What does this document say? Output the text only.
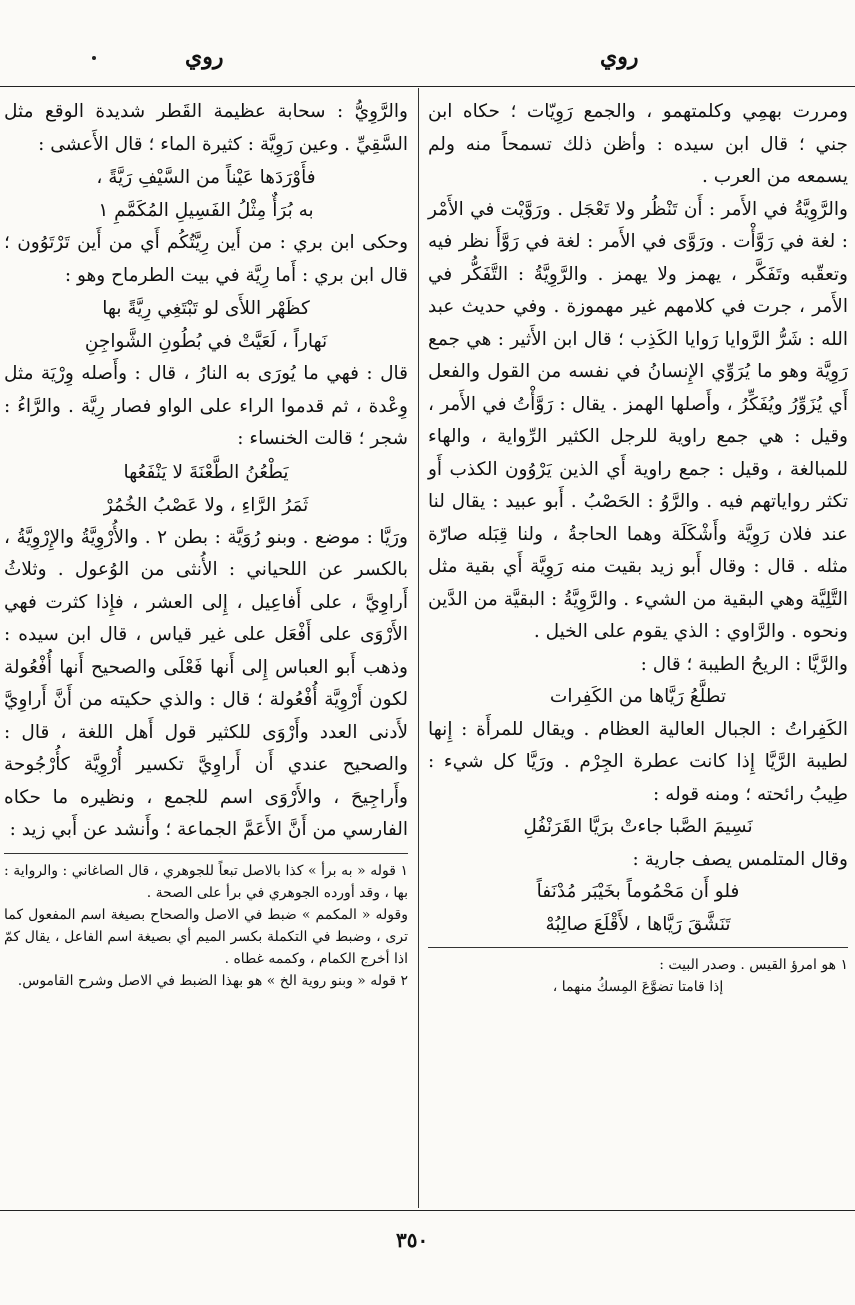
روي	روي

ومررت بهمِي وكلمتهمو ، والجمع رَوِيّات ؛ حكاه ابن جني ؛ قال ابن سيده : وأظن ذلك تسمحاً منه ولم يسمعه من العرب .

والرَّوِيَّةُ في الأَمر : أَن تَنْظُر ولا تَعْجَل . ورَوَّيْت في الأَمْر : لغة في رَوَّأْت . ورَوَّى في الأَمر : لغة في رَوَّأَ نظر فيه وتعقّبه وتَفَكَّر ، يهمز ولا يهمز . والرَّوِيَّةُ : التَّفَكُّر في الأَمر ، جرت في كلامهم غير مهموزة . وفي حديث عبد الله : شَرُّ الرَّوايا رَوايا الكَذِب ؛ قال ابن الأَثير : هي جمع رَوِيَّة وهو ما يُرَوِّي الإِنسانُ في نفسه من القول والفعل أَي يُزَوِّرُ ويُفَكِّرُ ، وأَصلها الهمز . يقال : رَوَّأْتُ في الأَمر ، وقيل : هي جمع راوية للرجل الكثير الرِّواية ، والهاء للمبالغة ، وقيل : جمع راوية أَي الذين يَرْوُون الكذب أَو تكثر رواياتهم فيه . والرَّوُ : الحَصْبُ . أَبو عبيد : يقال لنا عند فلان رَوِيَّة وأَشْكَلَة وهما الحاجةُ ، ولنا قِبَله صارّة مثله . قال : وقال أَبو زيد بقيت منه رَوِيَّة أَي بقية مثل التَّلِيَّة وهي البقية من الشيء . والرَّوِيَّةُ : البقيَّة من الدَّين ونحوه . والرَّاوي : الذي يقوم على الخيل .

والرَّيَّا : الريحُ الطيبة ؛ قال :

تطلَّعُ رَيَّاها من الكَفِرات

الكَفِراتُ : الجبال العالية العظام . ويقال للمرأَة : إِنها لطيبة الرَّيَّا إِذا كانت عطرة الجِرْم . ورَيَّا كل شيء : طِيبُ رائحته ؛ ومنه قوله :

نَسِيمَ الصَّبا جاءتْ برَيَّا القَرَنْفُلِ

وقال المتلمس يصف جارية :

فلو أَن مَحْمُوماً بخَيْبَر مُدْنَفاً

تَنَشَّقَ رَيَّاها ، لأَقْلَعَ صالِبُهْ

١ هو امرؤ القيس . وصدر البيت :

إذا قامتا تضوَّعَ المِسكُ منهما ،

والرَّوِيُّ : سحابة عظيمة القَطر شديدة الوقع مثل السَّقِيِّ . وعين رَوِيَّة : كثيرة الماء ؛ قال الأَعشى :

فأَوْرَدَها عَيْناً من السَّيْفِ رَيَّةً ،

به بُرَأٌ مِثْلُ الفَسِيلِ المُكَمَّمِ ١

وحكى ابن بري : من أَين رِيَّتُكُم أَي من أَين تَرْتَوُون ؛ قال ابن بري : أَما رِيَّة في بيت الطرماح وهو :

كظَهْر اللأَى لو تَبْتَغِي رِيَّةً بها

نَهاراً ، لَعَيَّتْ في بُطُونِ الشَّواجِنِ

قال : فهي ما يُورَى به النارُ ، قال : وأَصله وِرْيَة مثل وِعْدة ، ثم قدموا الراء على الواو فصار رِيَّة . والرَّاءُ : شجر ؛ قالت الخنساء :

يَطْعُنُ الطَّعْنَةَ لا يَنْفَعُها

ثَمَرُ الرَّاءِ ، ولا عَصْبُ الخُمُرْ

ورَيَّا : موضع . وبنو رُوَيَّة : بطن ٢ . والأُرْوِيَّةُ والإِرْوِيَّةُ ، بالكسر عن اللحياني : الأُنثى من الوُعول . وثلاثُ أَراوِيَّ ، على أَفاعِيل ، إِلى العشر ، فإِذا كثرت فهي الأَرْوَى على أَفْعَل على غير قياس ، قال ابن سيده : وذهب أَبو العباس إِلى أَنها فَعْلَى والصحيح أَنها أُفْعُولة لكون أَرْوِيَّة أُفْعُولة ؛ قال : والذي حكيته من أَنَّ أَراوِيَّ لأَدنى العدد وأَرْوَى للكثير قول أَهل اللغة ، قال : والصحيح عندي أَن أَراوِيَّ تكسير أُرْوِيَّة كأُرْجُوحة وأَراجِيحَ ، والأَرْوَى اسم للجمع ، ونظيره ما حكاه الفارسي من أَنَّ الأَعَمَّ الجماعة ؛ وأَنشد عن أَبي زيد :

١ قوله « به برأ » كذا بالاصل تبعاً للجوهري ، قال الصاغاني : والرواية : بها ، وقد أورده الجوهري في برأ على الصحة .

وقوله « المكمم » ضبط في الاصل والصحاح بصيغة اسم المفعول كما ترى ، وضبط في التكملة بكسر الميم أي بصيغة اسم الفاعل ، يقال كمّ اذا أخرج الكمام ، وكممه غطاه .

٢ قوله « وبنو روية الخ » هو بهذا الضبط في الاصل وشرح القاموس.

٣٥٠
